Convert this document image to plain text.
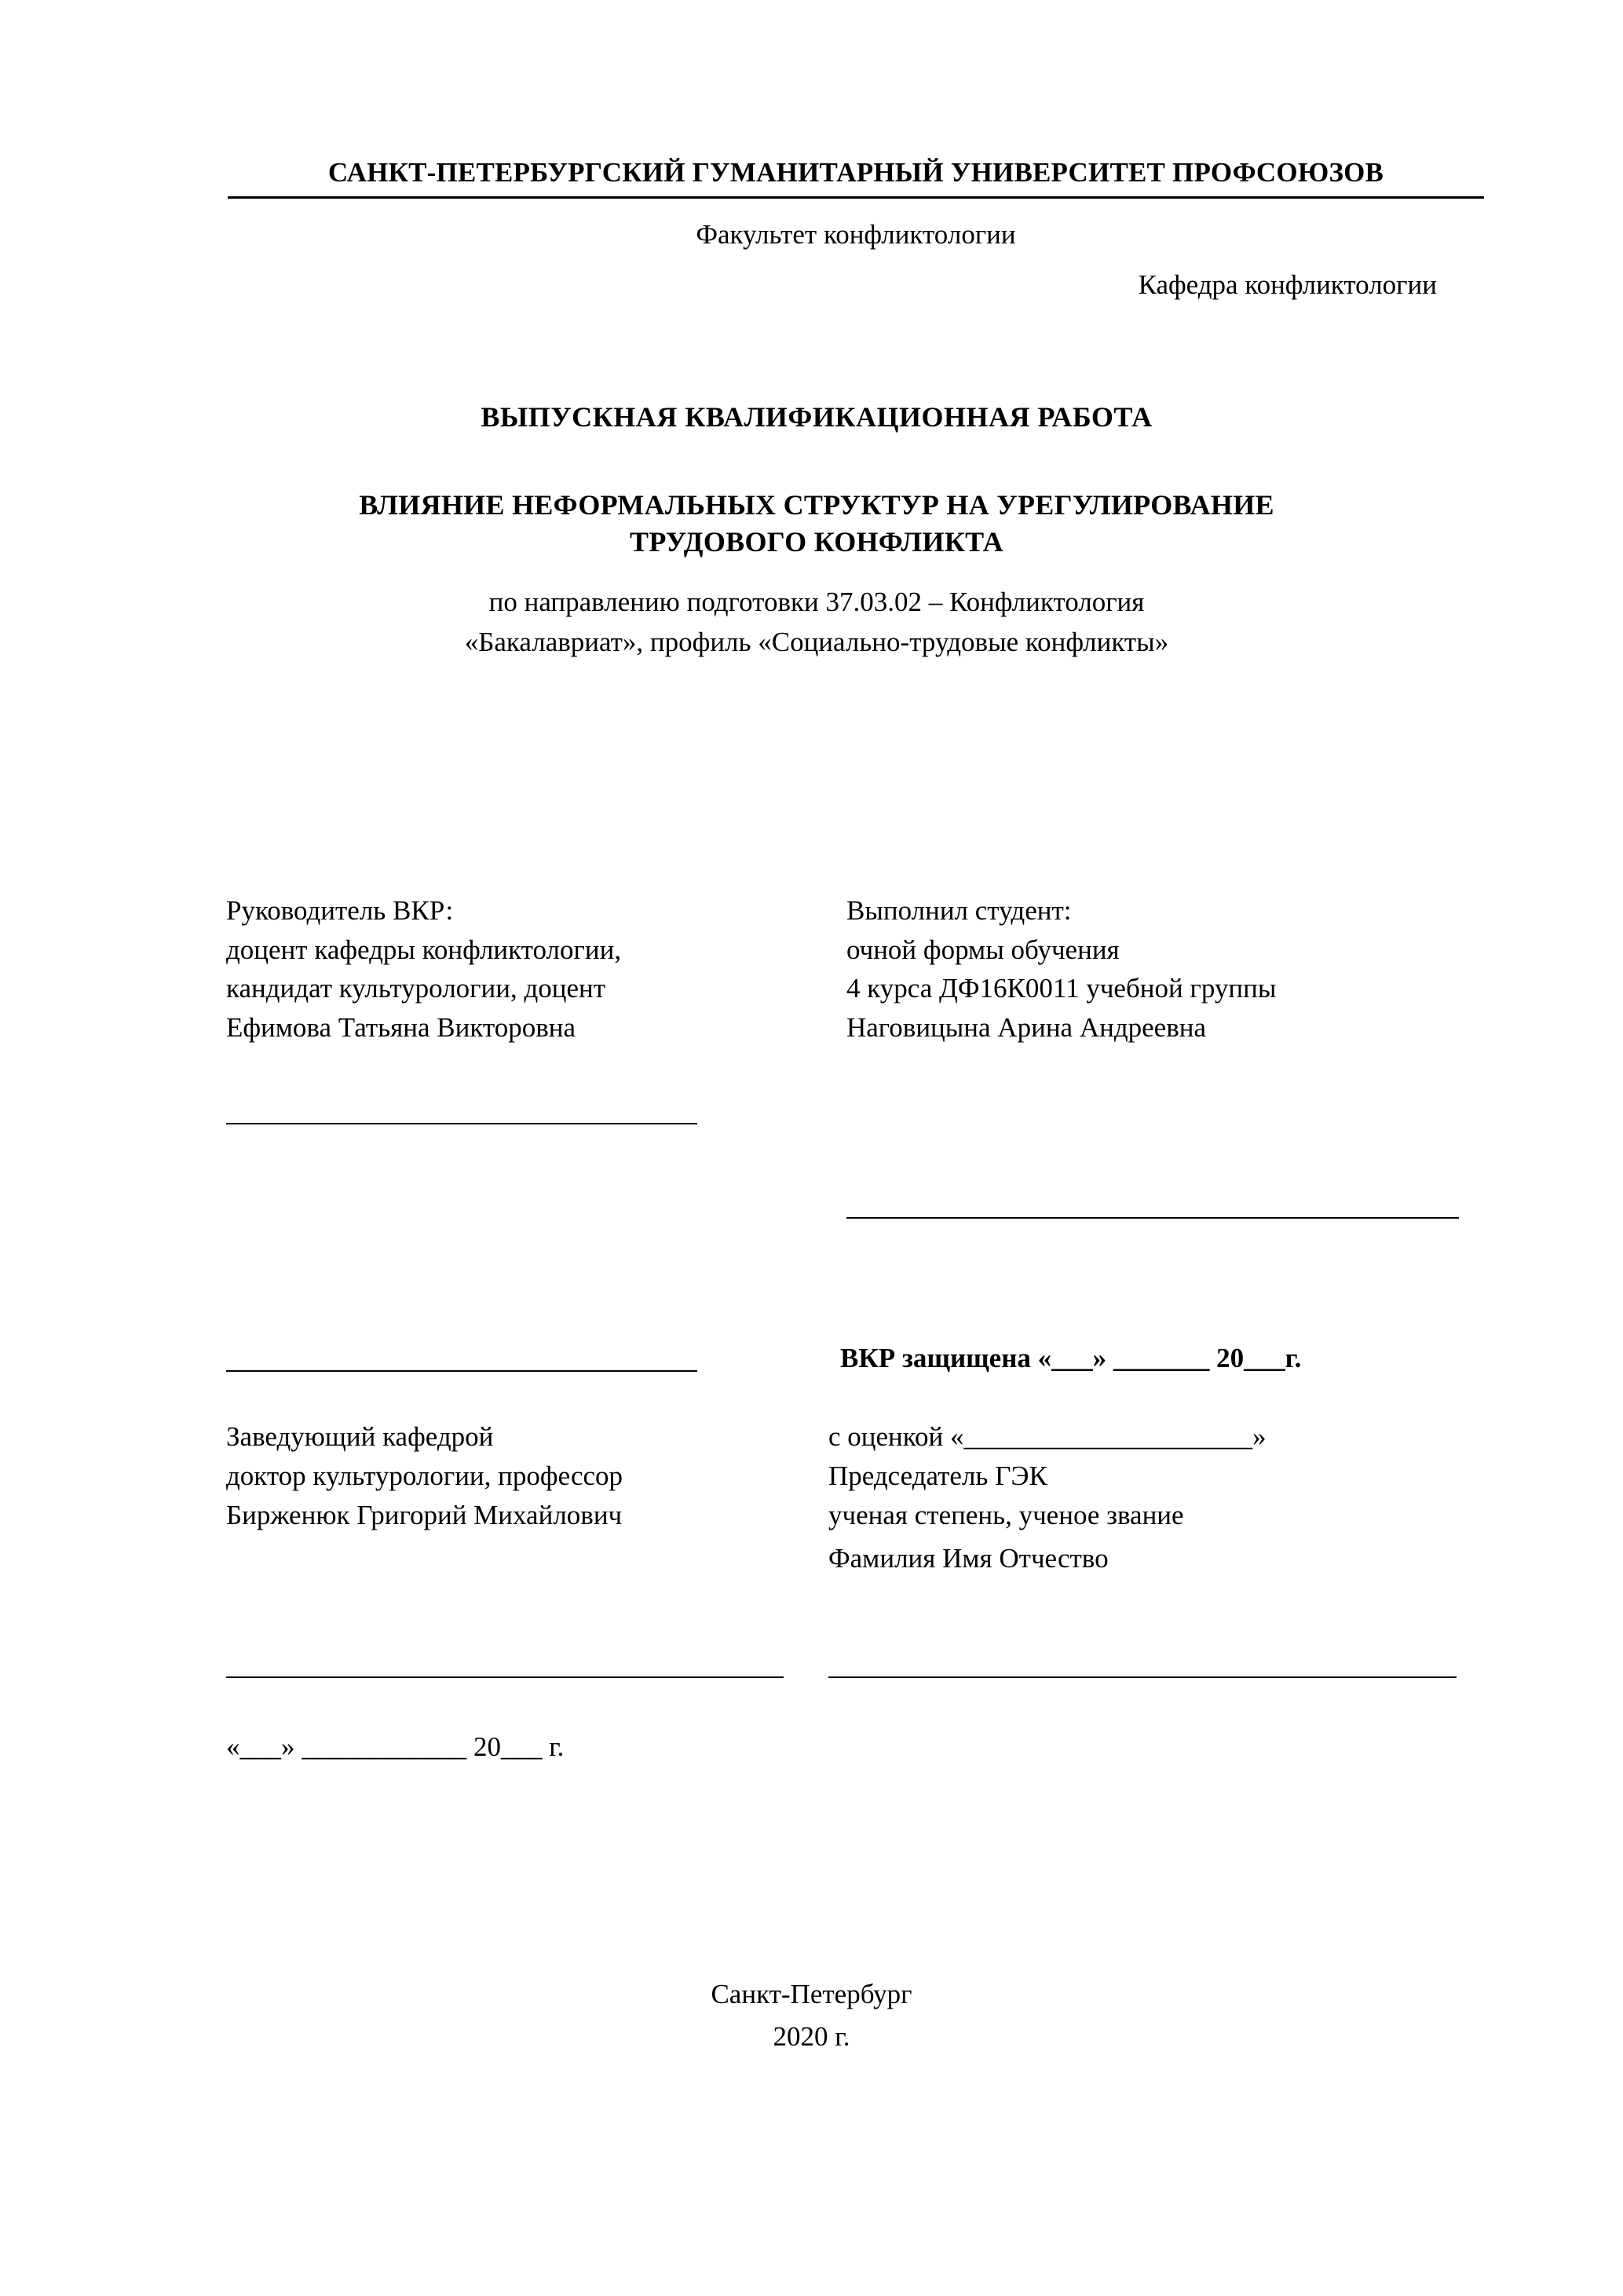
САНКТ-ПЕТЕРБУРГСКИЙ ГУМАНИТАРНЫЙ УНИВЕРСИТЕТ ПРОФСОЮЗОВ
Факультет конфликтологии
Кафедра конфликтологии
ВЫПУСКНАЯ КВАЛИФИКАЦИОННАЯ РАБОТА
ВЛИЯНИЕ НЕФОРМАЛЬНЫХ СТРУКТУР НА УРЕГУЛИРОВАНИЕ
ТРУДОВОГО КОНФЛИКТА
по направлению подготовки 37.03.02 – Конфликтология
«Бакалавриат», профиль «Социально-трудовые конфликты»
Руководитель ВКР:
доцент кафедры конфликтологии,
кандидат культурологии, доцент
Ефимова Татьяна Викторовна
Выполнил студент:
очной формы обучения
4 курса ДФ16К0011 учебной группы
Наговицына Арина Андреевна
ВКР защищена «___» _______ 20___г.
Заведующий кафедрой
доктор культурологии, профессор
Бирженюк Григорий Михайлович
с оценкой «_____________________»
Председатель ГЭК
ученая степень, ученое звание
Фамилия Имя Отчество
«___» ____________ 20___ г.
Санкт-Петербург
2020 г.
